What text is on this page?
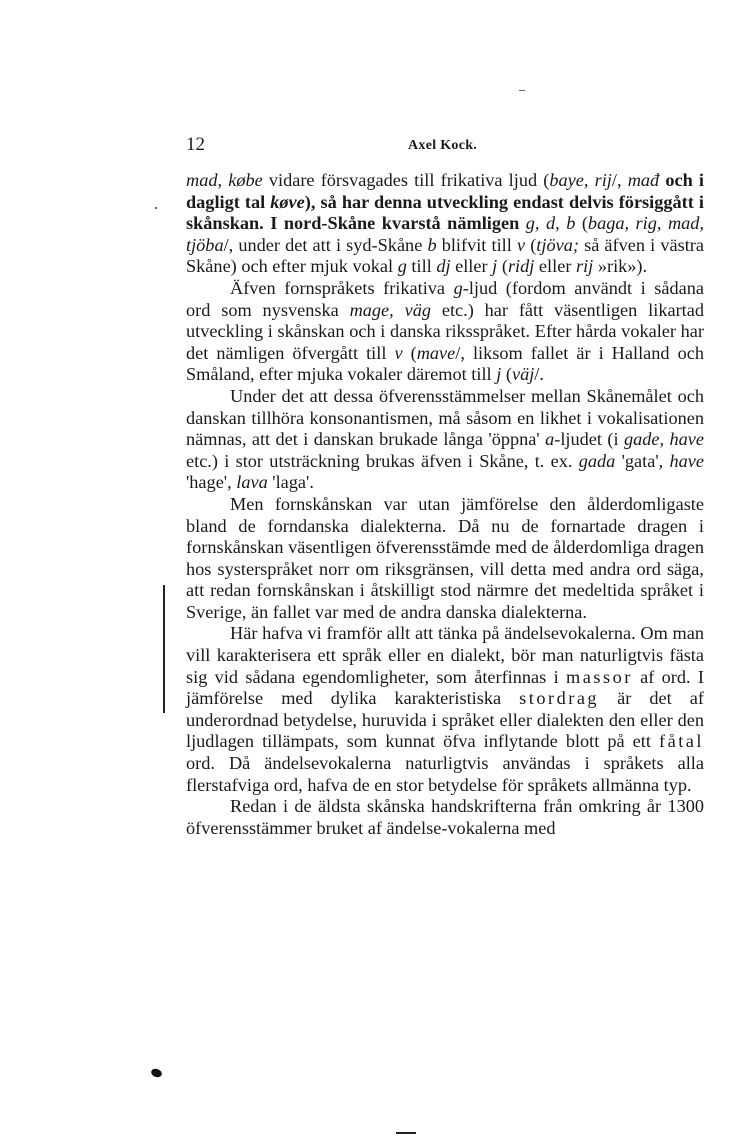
12	Axel Kock.

mad, købe vidare försvagades till frikativa ljud (baye, rij/, mađ och i dagligt tal køve), så har denna utveckling endast delvis försiggått i skånskan. I nord-Skåne kvarstå nämligen g, d, b (baga, rig, mad, tjöba/, under det att i syd-Skåne b blifvit till v (tjöva; så äfven i västra Skåne) och efter mjuk vokal g till dj eller j (ridj eller rij »rik»).

Äfven fornspråkets frikativa g-ljud (fordom användt i sådana ord som nysvenska mage, väg etc.) har fått väsentligen likartad utveckling i skånskan och i danska riksspråket. Efter hårda vokaler har det nämligen öfvergått till v (mave/, liksom fallet är i Halland och Småland, efter mjuka vokaler däremot till j (väj/.

Under det att dessa öfverensstämmelser mellan Skånemålet och danskan tillhöra konsonantismen, må såsom en likhet i vokalisationen nämnas, att det i danskan brukade långa 'öppna' a-ljudet (i gade, have etc.) i stor utsträckning brukas äfven i Skåne, t. ex. gada 'gata', have 'hage', lava 'laga'.

Men fornskånskan var utan jämförelse den ålderdomligaste bland de forndanska dialekterna. Då nu de fornartade dragen i fornskånskan väsentligen öfverensstämde med de ålderdomliga dragen hos systerspråket norr om riksgränsen, vill detta med andra ord säga, att redan fornskånskan i åtskilligt stod närmre det medeltida språket i Sverige, än fallet var med de andra danska dialekterna.

Här hafva vi framför allt att tänka på ändelsevokalerna. Om man vill karakterisera ett språk eller en dialekt, bör man naturligtvis fästa sig vid sådana egendomligheter, som återfinnas i massor af ord. I jämförelse med dylika karakteristiska stordrag är det af underordnad betydelse, huruvida i språket eller dialekten den eller den ljudlagen tillämpats, som kunnat öfva inflytande blott på ett fåtal ord. Då ändelsevokalerna naturligtvis användas i språkets alla flerstafviga ord, hafva de en stor betydelse för språkets allmänna typ.

Redan i de äldsta skånska handskrifterna från omkring år 1300 öfverensstämmer bruket af ändelse-vokalerna med
